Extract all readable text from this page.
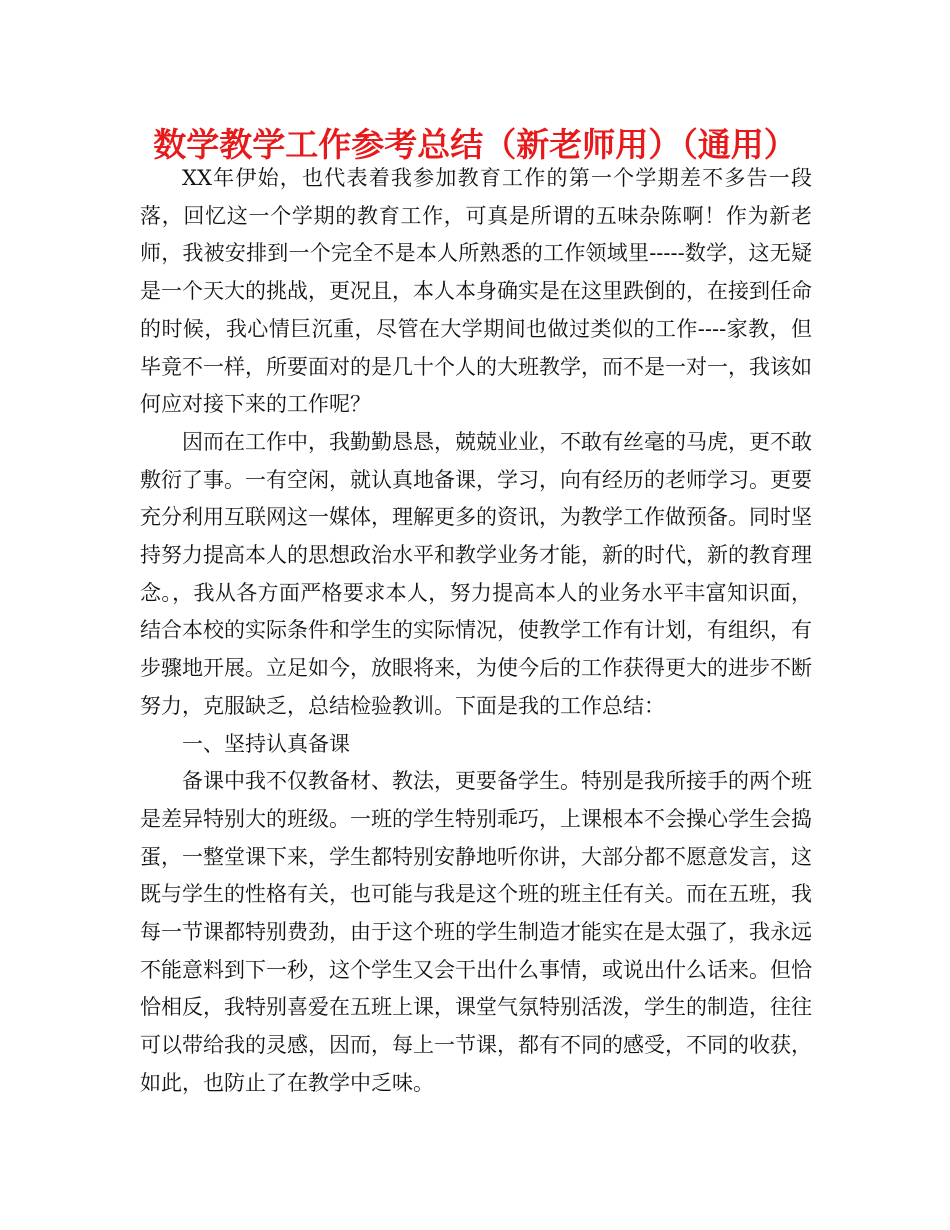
数学教学工作参考总结（新老师用）（通用）

XX年伊始，也代表着我参加教育工作的第一个学期差不多告一段落，回忆这一个学期的教育工作，可真是所谓的五味杂陈啊！作为新老师，我被安排到一个完全不是本人所熟悉的工作领域里-----数学，这无疑是一个天大的挑战，更况且，本人本身确实是在这里跌倒的，在接到任命的时候，我心情巨沉重，尽管在大学期间也做过类似的工作----家教，但毕竟不一样，所要面对的是几十个人的大班教学，而不是一对一，我该如何应对接下来的工作呢？

因而在工作中，我勤勤恳恳，兢兢业业，不敢有丝毫的马虎，更不敢敷衍了事。一有空闲，就认真地备课，学习，向有经历的老师学习。更要充分利用互联网这一媒体，理解更多的资讯，为教学工作做预备。同时坚持努力提高本人的思想政治水平和教学业务才能，新的时代，新的教育理念。，我从各方面严格要求本人，努力提高本人的业务水平丰富知识面，结合本校的实际条件和学生的实际情况，使教学工作有计划，有组织，有步骤地开展。立足如今，放眼将来，为使今后的工作获得更大的进步不断努力，克服缺乏，总结检验教训。下面是我的工作总结：

一、坚持认真备课

备课中我不仅教备材、教法，更要备学生。特别是我所接手的两个班是差异特别大的班级。一班的学生特别乖巧，上课根本不会操心学生会捣蛋，一整堂课下来，学生都特别安静地听你讲，大部分都不愿意发言，这既与学生的性格有关，也可能与我是这个班的班主任有关。而在五班，我每一节课都特别费劲，由于这个班的学生制造才能实在是太强了，我永远不能意料到下一秒，这个学生又会干出什么事情，或说出什么话来。但恰恰相反，我特别喜爱在五班上课，课堂气氛特别活泼，学生的制造，往往可以带给我的灵感，因而，每上一节课，都有不同的感受，不同的收获，如此，也防止了在教学中乏味。
